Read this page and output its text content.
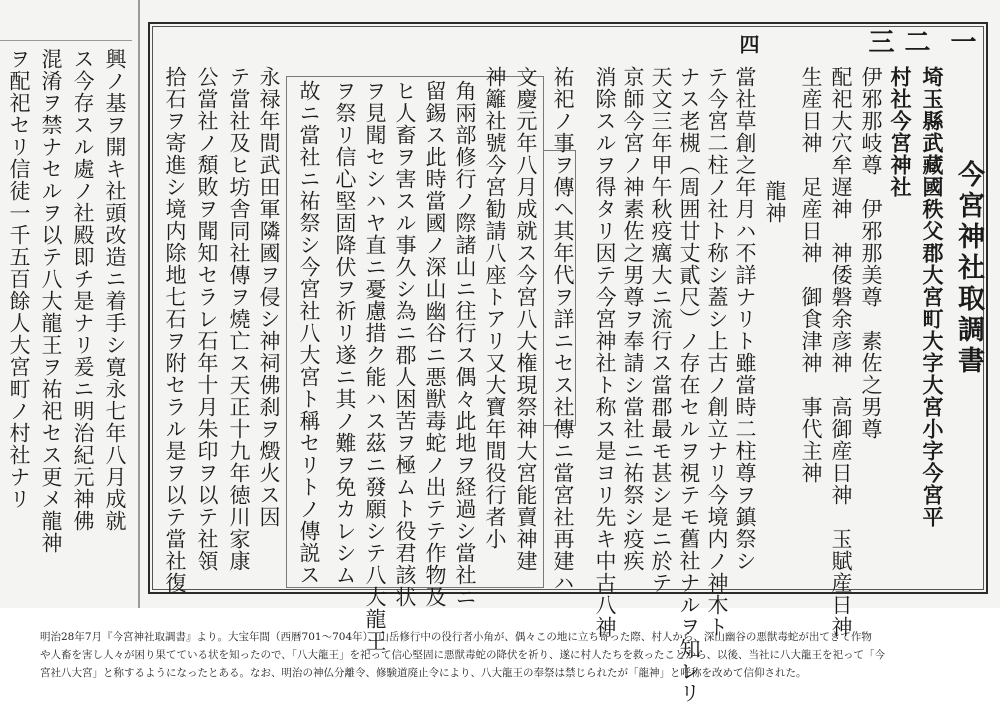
一
二
三
四
今宮神社取調書
埼玉縣武藏國秩父郡大宮町大字大宮小字今宮平
村社今宮神社
伊邪那岐尊　伊邪那美尊　素佐之男尊
配祀大穴牟遅神　神倭磐余彦神　高御産日神　玉賦産日神
生産日神　足産日神　御食津神　事代主神
龍神
當社草創之年月ハ不詳ナリト雖當時二柱尊ヲ鎮祭シ
テ今宮二柱ノ社ト称シ蓋シ上古ノ創立ナリ今境内ノ神木ト
ナス老槻（周囲廿丈貳尺）ノ存在セルヲ視テモ舊社ナルヲ知レリ
天文三年甲午秋疫癘大ニ流行ス當郡最モ甚シ是ニ於テ
京師今宮ノ神素佐之男尊ヲ奉請シ當社ニ祐祭シ疫疾
消除スルヲ得タリ因テ今宮神社ト称ス是ヨリ先キ中古八神
祐祀ノ事ヲ傳ヘ其年代ヲ詳ニセス社傳ニ當宮社再建ハ
文慶元年八月成就ス今宮八大権現祭神大宮能賣神建
神籬社號今宮勧請八座トアリ又大寶年間役行者小
角兩部修行ノ際諸山ニ往行ス偶々此地ヲ経過シ當社ニ
留錫ス此時當國ノ深山幽谷ニ悪獣毒蛇ノ出テテ作物及
ヒ人畜ヲ害スル事久シ為ニ郡人困苦ヲ極ムト役君該状
ヲ見聞セシハヤ直ニ憂慮措ク能ハス茲ニ發願シテ八大龍王
ヲ祭リ信心堅固降伏ヲ祈リ遂ニ其ノ難ヲ免カレシム
故ニ當社ニ祐祭シ今宮社八大宮ト稱セリトノ傳説ス
永禄年間武田軍隣國ヲ侵シ神祠佛刹ヲ燬火ス因
テ當社及ヒ坊舎同社傳ヲ燒亡ス天正十九年徳川家康
公當社ノ頽敗ヲ聞知セラレ石年十月朱印ヲ以テ社領
拾石ヲ寄進シ境内除地七石ヲ附セラル是ヲ以テ當社復
興ノ基ヲ開キ社頭改造ニ着手シ寛永七年八月成就
ス今存スル處ノ社殿即チ是ナリ爰ニ明治紀元神佛
混淆ヲ禁ナセルヲ以テ八大龍王ヲ祐祀セス更メ龍神
ヲ配祀セリ信徒一千五百餘人大宮町ノ村社ナリ
明治28年7月『今宮神社取調書』より。大宝年間（西暦701～704年）、山岳修行中の役行者小角が、偶々この地に立ち寄った際、村人から、深山幽谷の悪獣毒蛇が出てきて作物
や人畜を害し人々が困り果てている状を知ったので、「八大龍王」を祀って信心堅固に悪獣毒蛇の降伏を祈り、遂に村人たちを救ったことから、以後、当社に八大龍王を祀って「今
宮社八大宮」と称するようになったとある。なお、明治の神仏分離令、修験道廃止令により、八大龍王の奉祭は禁じられたが「龍神」と呼称を改めて信仰された。
